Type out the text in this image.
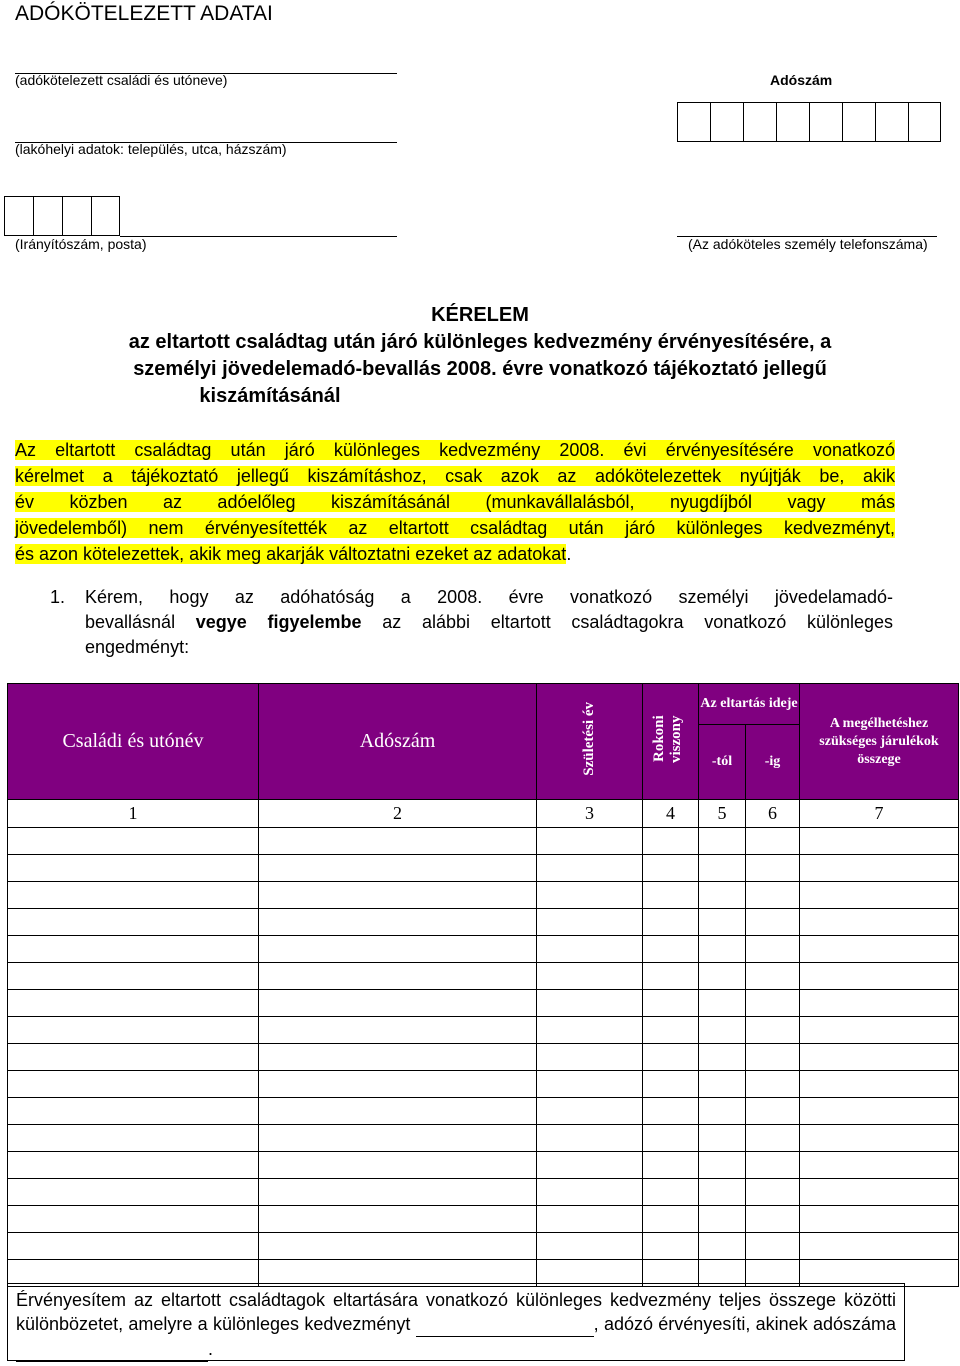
ADÓKÖTELEZETT ADATAI
(adókötelezett családi és utóneve)	Adószám
(lakóhelyi adatok: település, utca, házszám)
(Irányítószám, posta)	(Az adóköteles személy telefonszáma)
KÉRELEM
az eltartott családtag után járó különleges kedvezmény érvényesítésére, a
személyi jövedelemadó-bevallás 2008. évre vonatkozó tájékoztató jellegű
kiszámításánál
Az eltartott családtag után járó különleges kedvezmény 2008. évi érvényesítésére vonatkozó
kérelmet a tájékoztató jellegű kiszámításhoz, csak azok az adókötelezettek nyújtják be, akik
év közben az adóelőleg kiszámításánál (munkavállalásból, nyugdíjból vagy más
jövedelemből) nem érvényesítették az eltartott családtag után járó különleges kedvezményt,
és azon kötelezettek, akik meg akarják változtatni ezeket az adatokat.
1. Kérem, hogy az adóhatóság a 2008. évre vonatkozó személyi jövedelamadó-
bevallásnál vegye figyelembe az alábbi eltartott családtagokra vonatkozó különleges
engedményt:
Családi és utónév	Adószám	Születési év	Rokoni viszony	Az eltartás ideje		A megélhetéshez szükséges járulékok összege
				-tól	-ig	
1	2	3	4	5	6	7

Érvényesítem az eltartott családtagok eltartására vonatkozó különleges kedvezmény teljes összege közötti különbözetet, amelyre a különleges kedvezményt	, adózó érvényesíti, akinek adószáma  .
